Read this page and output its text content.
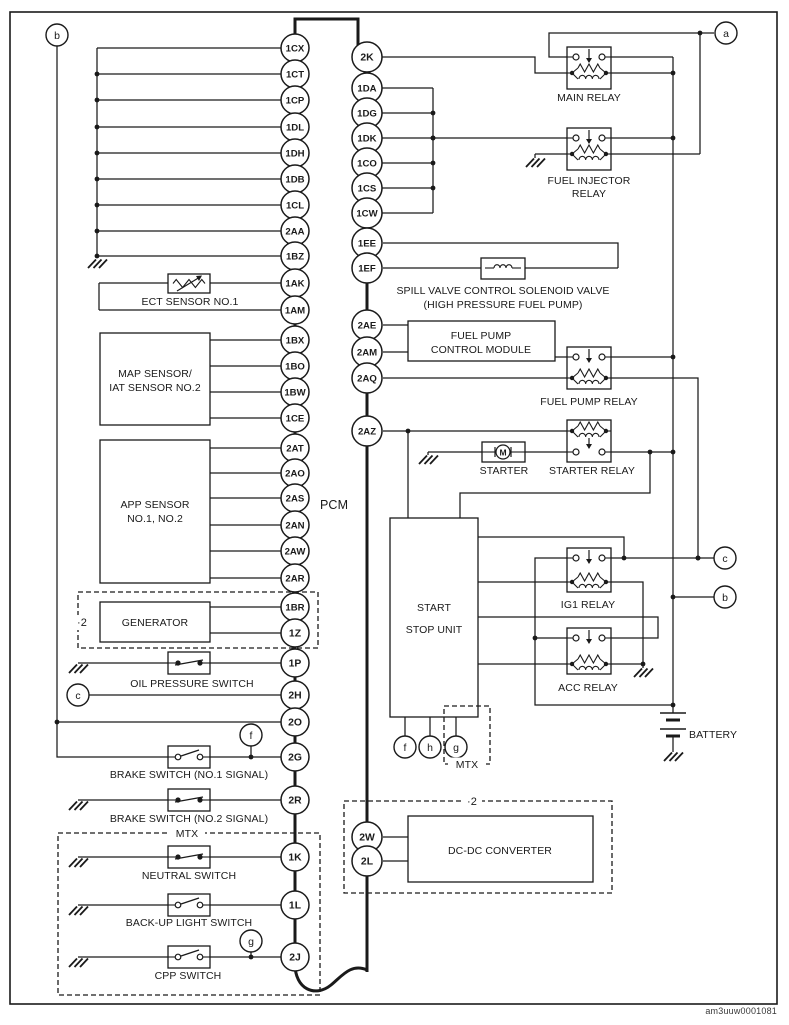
M
1CX
1CT
1CP
1DL
1DH
1DB
1CL
2AA
1BZ
1AK
1AM
1BX
1BO
1BW
1CE
2AT
2AO
2AS
2AN
2AW
2AR
1BR
1Z
1P
2H
2O
2G
2R
1K
1L
2J
2K
1DA
1DG
1DK
1CO
1CS
1CW
1EE
1EF
2AE
2AM
2AQ
2AZ
2W
2L
a
b
c
f
g
c
b
f h g
ECT SENSOR NO.1
MAP SENSOR/
IAT SENSOR NO.2
APP SENSOR
NO.1, NO.2
GENERATOR
·2
OIL PRESSURE SWITCH
BRAKE SWITCH (NO.1 SIGNAL)
BRAKE SWITCH (NO.2 SIGNAL)
MTX
NEUTRAL SWITCH
BACK-UP LIGHT SWITCH
CPP SWITCH
PCM
MAIN RELAY
FUEL INJECTOR
RELAY
SPILL VALVE CONTROL SOLENOID VALVE
(HIGH PRESSURE FUEL PUMP)
FUEL PUMP
CONTROL MODULE
FUEL PUMP RELAY
STARTER STARTER RELAY
START
STOP UNIT
IG1 RELAY
ACC RELAY
BATTERY
MTX
DC-DC CONVERTER
·2
am3uuw0001081
